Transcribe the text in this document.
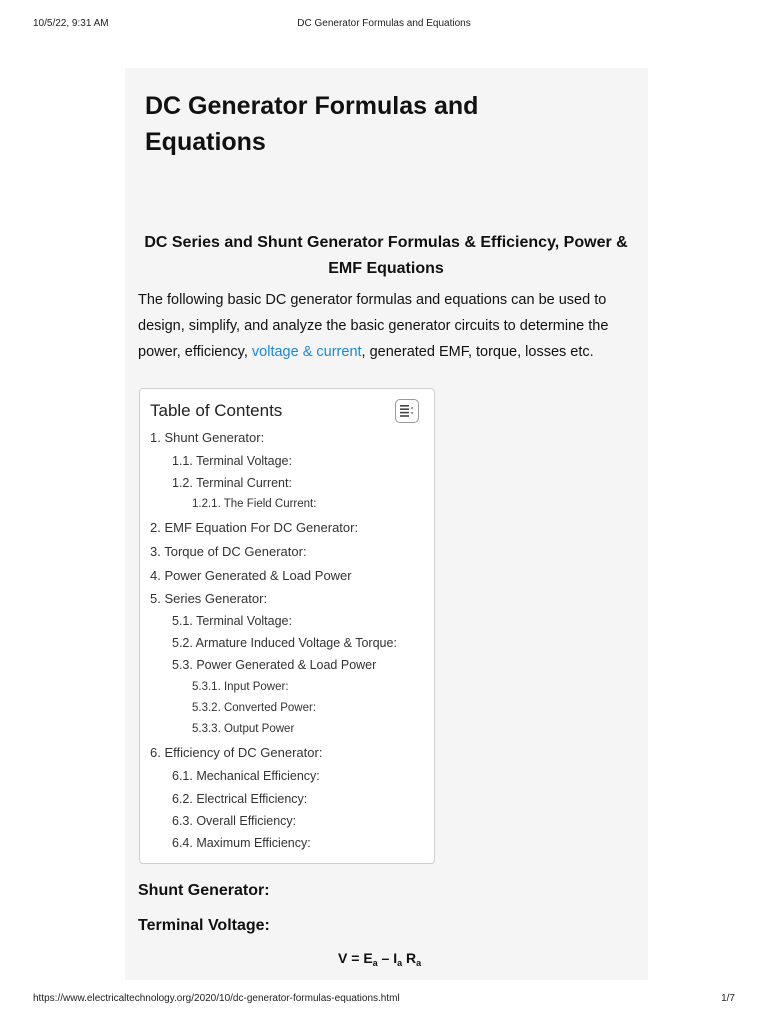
10/5/22, 9:31 AM	DC Generator Formulas and Equations
DC Generator Formulas and Equations
DC Series and Shunt Generator Formulas & Efficiency, Power & EMF Equations

The following basic DC generator formulas and equations can be used to design, simplify, and analyze the basic generator circuits to determine the power, efficiency, voltage & current, generated EMF, torque, losses etc.

Table of Contents
1. Shunt Generator:
1.1. Terminal Voltage:
1.2. Terminal Current:
1.2.1. The Field Current:
2. EMF Equation For DC Generator:
3. Torque of DC Generator:
4. Power Generated & Load Power
5. Series Generator:
5.1. Terminal Voltage:
5.2. Armature Induced Voltage & Torque:
5.3. Power Generated & Load Power
5.3.1. Input Power:
5.3.2. Converted Power:
5.3.3. Output Power
6. Efficiency of DC Generator:
6.1. Mechanical Efficiency:
6.2. Electrical Efficiency:
6.3. Overall Efficiency:
6.4. Maximum Efficiency:
Shunt Generator:
Terminal Voltage:
$V = E_a - I_a$ $R_a$
https://www.electricaltechnology.org/2020/10/dc-generator-formulas-equations.html	1/7
